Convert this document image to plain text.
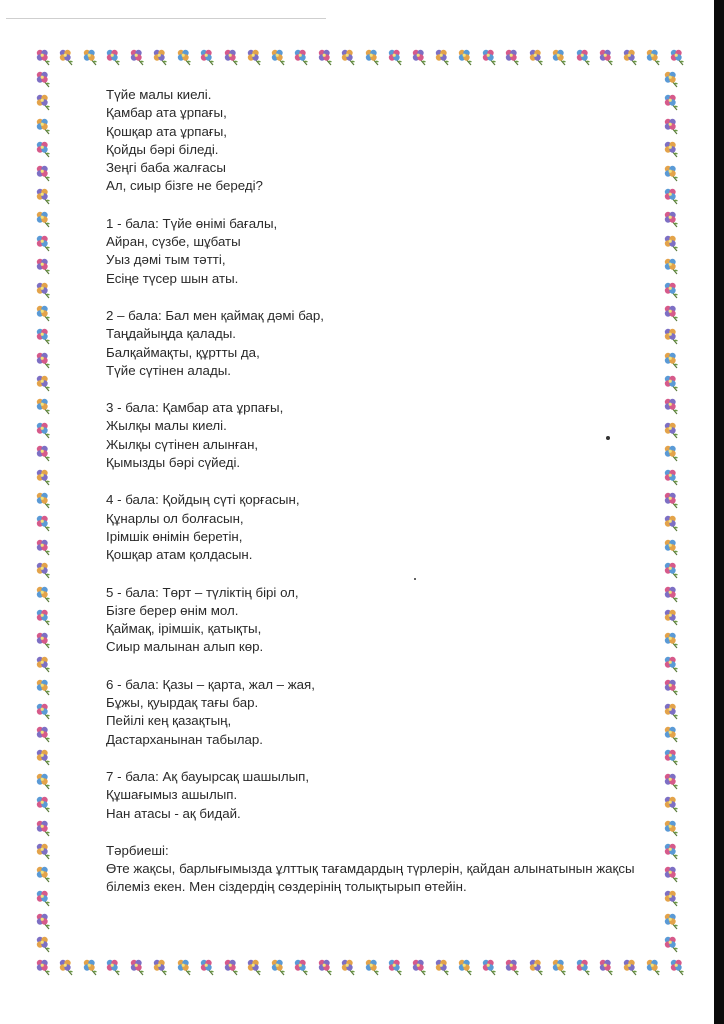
Түйе малы киелі.
Қамбар ата ұрпағы,
Қошқар ата ұрпағы,
Қойды бәрі біледі.
Зеңгі баба жалғасы
Ал, сиыр бізге не береді?
1 - бала: Түйе өнімі бағалы,
Айран, сүзбе, шұбаты
Уыз дәмі тым тәтті,
Есіңе түсер шын аты.
2 – бала: Бал мен қаймақ дәмі бар,
Таңдайыңда қалады.
Балқаймақты, құртты да,
Түйе сүтінен алады.
3 - бала: Қамбар ата ұрпағы,
Жылқы малы киелі.
Жылқы сүтінен алынған,
Қымызды бәрі сүйеді.
4 - бала: Қойдың сүті қорғасын,
Құнарлы ол болғасын,
Ірімшік өнімін беретін,
Қошқар атам қолдасын.
5 - бала: Төрт – түліктің бірі ол,
Бізге берер өнім мол.
Қаймақ, ірімшік, қатықты,
Сиыр малынан алып көр.
6 - бала: Қазы – қарта, жал – жая,
Бұжы, қуырдақ тағы бар.
Пейілі кең қазақтың,
Дастарханынан табылар.
7 - бала: Ақ бауырсақ шашылып,
Құшағымыз ашылып.
Нан атасы - ақ бидай.
Тәрбиеші:
Өте жақсы, барлығымызда ұлттық тағамдардың түрлерін, қайдан алынатынын жақсы білеміз екен. Мен сіздердің сөздерінің толықтырып өтейін.
